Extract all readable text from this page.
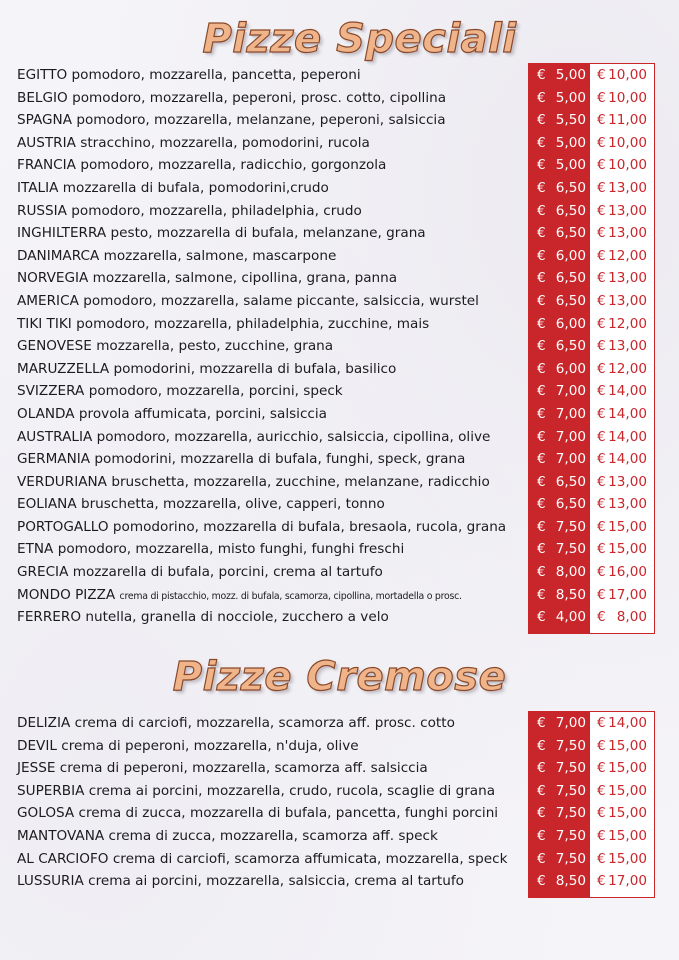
Pizze Speciali
EGITTO pomodoro, mozzarella, pancetta, peperoni
BELGIO pomodoro, mozzarella, peperoni, prosc. cotto, cipollina
SPAGNA pomodoro, mozzarella, melanzane, peperoni, salsiccia
AUSTRIA stracchino, mozzarella, pomodorini, rucola
FRANCIA pomodoro, mozzarella, radicchio, gorgonzola
ITALIA mozzarella di bufala, pomodorini,crudo
RUSSIA pomodoro, mozzarella, philadelphia, crudo
INGHILTERRA pesto, mozzarella di bufala, melanzane, grana
DANIMARCA mozzarella, salmone, mascarpone
NORVEGIA mozzarella, salmone, cipollina, grana, panna
AMERICA pomodoro, mozzarella, salame piccante, salsiccia, wurstel
TIKI TIKI pomodoro, mozzarella, philadelphia, zucchine, mais
GENOVESE mozzarella, pesto, zucchine, grana
MARUZZELLA pomodorini, mozzarella di bufala, basilico
SVIZZERA pomodoro, mozzarella, porcini, speck
OLANDA provola affumicata, porcini, salsiccia
AUSTRALIA pomodoro, mozzarella, auricchio, salsiccia, cipollina, olive
GERMANIA pomodorini, mozzarella di bufala, funghi, speck, grana
VERDURIANA bruschetta, mozzarella, zucchine, melanzane, radicchio
EOLIANA bruschetta, mozzarella, olive, capperi, tonno
PORTOGALLO pomodorino, mozzarella di bufala, bresaola, rucola, grana
ETNA pomodoro, mozzarella, misto funghi, funghi freschi
GRECIA mozzarella di bufala, porcini, crema al tartufo
MONDO PIZZA crema di pistacchio, mozz. di bufala, scamorza, cipollina, mortadella o prosc.
FERRERO nutella, granella di nocciole, zucchero a velo
€ 5,00 € 10,00
€ 5,00 € 10,00
€ 5,50 € 11,00
€ 5,00 € 10,00
€ 5,00 € 10,00
€ 6,50 € 13,00
€ 6,50 € 13,00
€ 6,50 € 13,00
€ 6,00 € 12,00
€ 6,50 € 13,00
€ 6,50 € 13,00
€ 6,00 € 12,00
€ 6,50 € 13,00
€ 6,00 € 12,00
€ 7,00 € 14,00
€ 7,00 € 14,00
€ 7,00 € 14,00
€ 7,00 € 14,00
€ 6,50 € 13,00
€ 6,50 € 13,00
€ 7,50 € 15,00
€ 7,50 € 15,00
€ 8,00 € 16,00
€ 8,50 € 17,00
€ 4,00 € 8,00
Pizze Cremose
DELIZIA crema di carciofi, mozzarella, scamorza aff. prosc. cotto
DEVIL crema di peperoni, mozzarella, n'duja, olive
JESSE crema di peperoni, mozzarella, scamorza aff. salsiccia
SUPERBIA crema ai porcini, mozzarella, crudo, rucola, scaglie di grana
GOLOSA crema di zucca, mozzarella di bufala, pancetta, funghi porcini
MANTOVANA crema di zucca, mozzarella, scamorza aff. speck
AL CARCIOFO crema di carciofi, scamorza affumicata, mozzarella, speck
LUSSURIA crema ai porcini, mozzarella, salsiccia, crema al tartufo
€ 7,00 € 14,00
€ 7,50 € 15,00
€ 7,50 € 15,00
€ 7,50 € 15,00
€ 7,50 € 15,00
€ 7,50 € 15,00
€ 7,50 € 15,00
€ 8,50 € 17,00
